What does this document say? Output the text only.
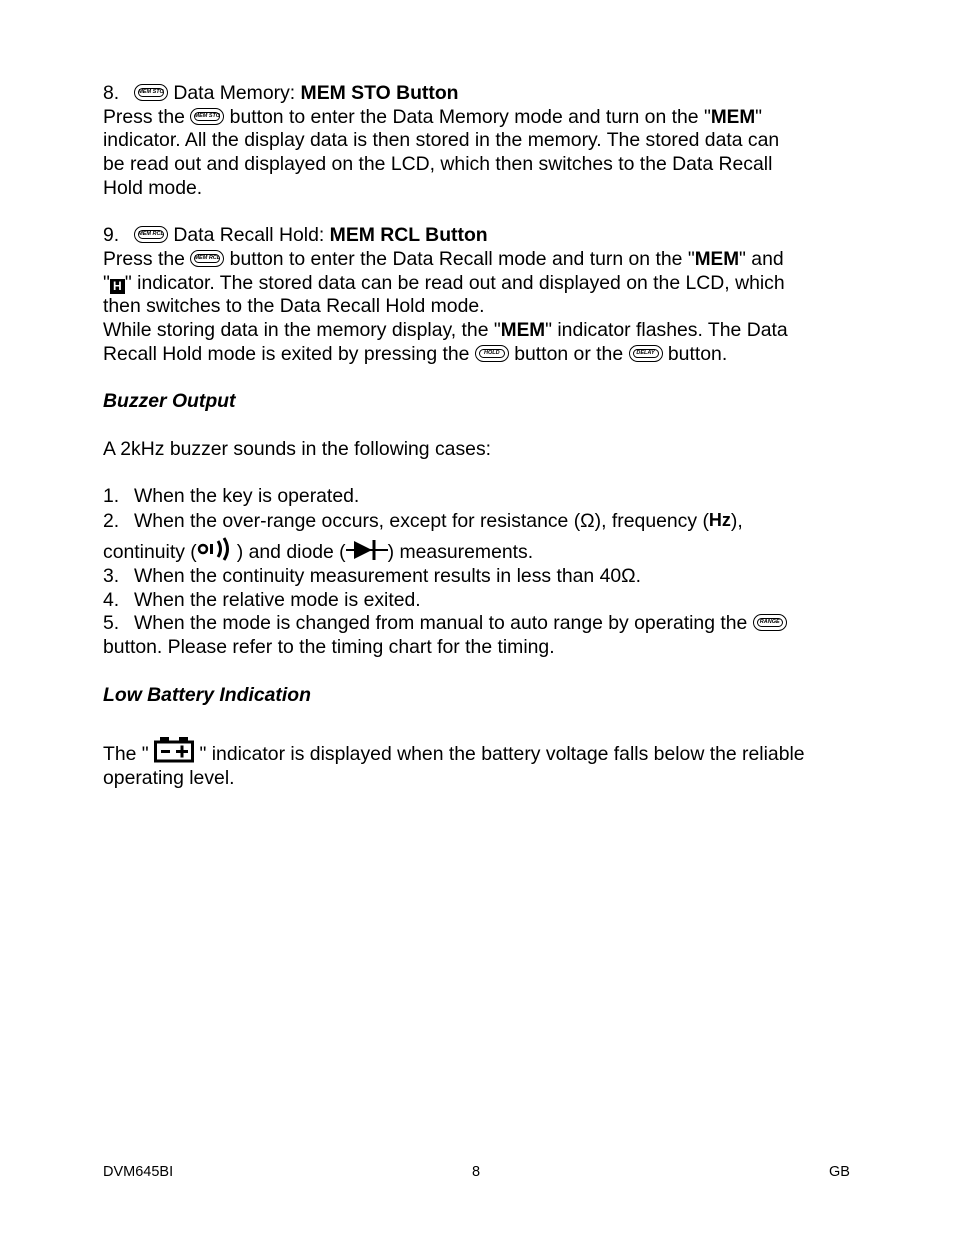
8.	MEM STO Data Memory: MEM STO Button
Press the MEM STO button to enter the Data Memory mode and turn on the "MEM"
indicator. All the display data is then stored in the memory. The stored data can
be read out and displayed on the LCD, which then switches to the Data Recall
Hold mode.
9.	MEM RCL Data Recall Hold: MEM RCL Button
Press the MEM RCL button to enter the Data Recall mode and turn on the "MEM" and
" H " indicator. The stored data can be read out and displayed on the LCD, which
then switches to the Data Recall Hold mode.
While storing data in the memory display, the "MEM" indicator flashes. The Data
Recall Hold mode is exited by pressing the	HOLD button or the	DELAY button.
Buzzer Output
A 2kHz buzzer sounds in the following cases:
1. When the key is operated.
2. When the over-range occurs, except for resistance (Ω), frequency (Hz),
continuity ( ) and diode ( ) measurements.
3. When the continuity measurement results in less than 40Ω.
4. When the relative mode is exited.
5. When the mode is changed from manual to auto range by operating the	RANGE
button. Please refer to the timing chart for the timing.
Low Battery Indication
The "  " indicator is displayed when the battery voltage falls below the reliable
operating level.
DVM645BI	8	GB
